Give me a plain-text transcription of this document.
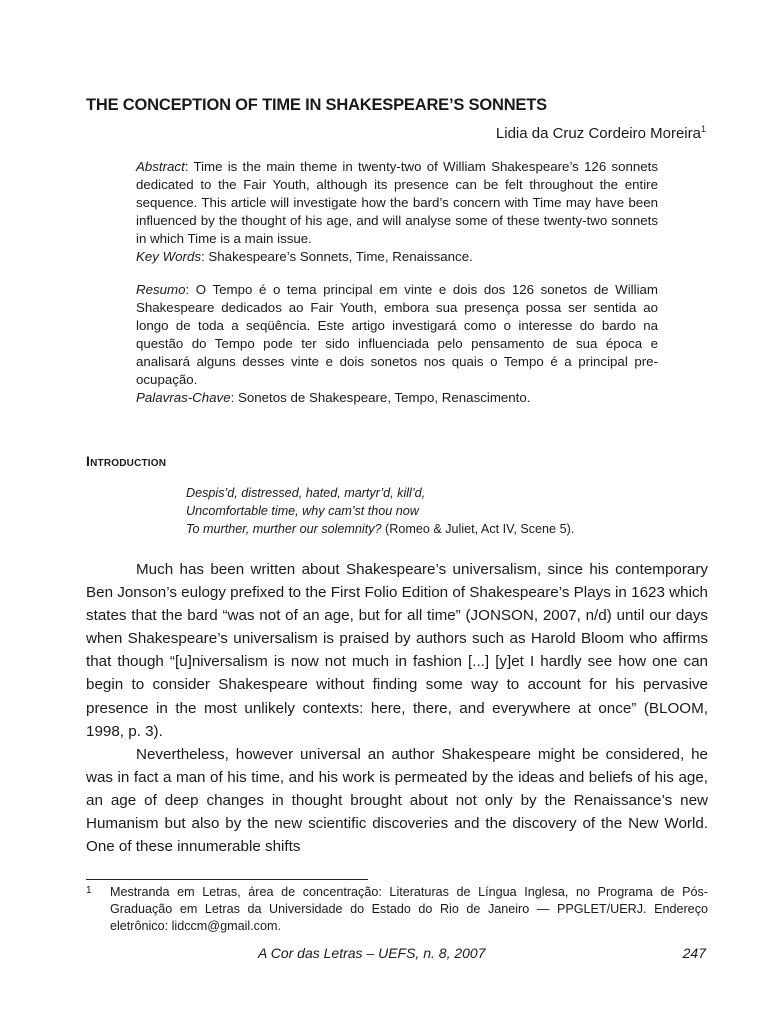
THE CONCEPTION OF TIME IN SHAKESPEARE’S SONNETS
Lidia da Cruz Cordeiro Moreira$^1$

Abstract: Time is the main theme in twenty-two of William Shakespeare’s 126 sonnets dedicated to the Fair Youth, although its presence can be felt throughout the entire sequence. This article will investigate how the bard’s concern with Time may have been influenced by the thought of his age, and will analyse some of these twenty-two sonnets in which Time is a main issue.

Key Words: Shakespeare’s Sonnets, Time, Renaissance.

Resumo: O Tempo é o tema principal em vinte e dois dos 126 sonetos de William Shakespeare dedicados ao Fair Youth, embora sua presença possa ser sentida ao longo de toda a seqüência. Este artigo investigará como o interesse do bardo na questão do Tempo pode ter sido influenciada pelo pensamento de sua época e analisará alguns desses vinte e dois sonetos nos quais o Tempo é a principal pre-ocupação.

Palavras-Chave: Sonetos de Shakespeare, Tempo, Renascimento.

Introduction
Despis’d, distressed, hated, martyr’d, kill’d,
Uncomfortable time, why cam’st thou now
To murther, murther our solemnity? (Romeo & Juliet, Act IV, Scene 5).

Much has been written about Shakespeare’s universalism, since his contemporary Ben Jonson’s eulogy prefixed to the First Folio Edition of Shakespeare’s Plays in 1623 which states that the bard “was not of an age, but for all time” (JONSON, 2007, n/d) until our days when Shakespeare’s universalism is praised by authors such as Harold Bloom who affirms that though “[u]niversalism is now not much in fashion [...] [y]et I hardly see how one can begin to consider Shakespeare without finding some way to account for his pervasive presence in the most unlikely contexts: here, there, and everywhere at once” (BLOOM, 1998, p. 3).

Nevertheless, however universal an author Shakespeare might be considered, he was in fact a man of his time, and his work is permeated by the ideas and beliefs of his age, an age of deep changes in thought brought about not only by the Renaissance’s new Humanism but also by the new scientific discoveries and the discovery of the New World. One of these innumerable shifts

1 Mestranda em Letras, área de concentração: Literaturas de Língua Inglesa, no Programa de Pós-Graduação em Letras da Universidade do Estado do Rio de Janeiro — PPGLET/UERJ. Endereço eletrônico: lidccm@gmail.com.
A Cor das Letras – UEFS, n. 8, 2007	247
